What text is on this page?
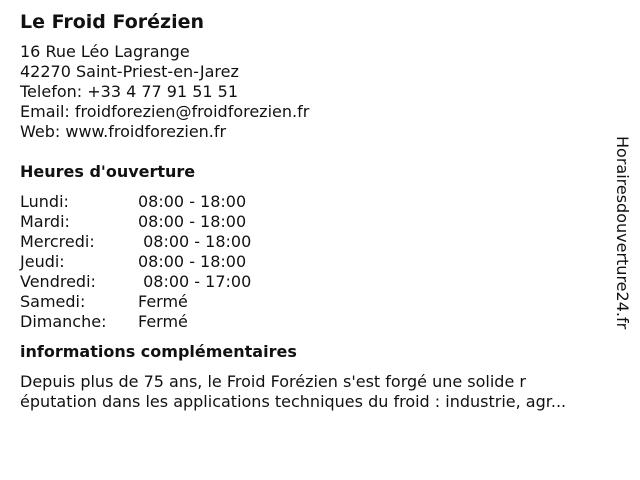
Le Froid Forézien
16 Rue Léo Lagrange
42270 Saint-Priest-en-Jarez
Telefon: +33 4 77 91 51 51
Email: froidforezien@froidforezien.fr
Web: www.froidforezien.fr
Heures d'ouverture
Lundi:	08:00 - 18:00
Mardi:	08:00 - 18:00
Mercredi:	08:00 - 18:00
Jeudi:	08:00 - 18:00
Vendredi:	08:00 - 17:00
Samedi:	Fermé
Dimanche:	Fermé
informations complémentaires
Depuis plus de 75 ans, le Froid Forézien s'est forgé une solide r
éputation dans les applications techniques du froid : industrie, agr...
Horairesdouverture24.fr
